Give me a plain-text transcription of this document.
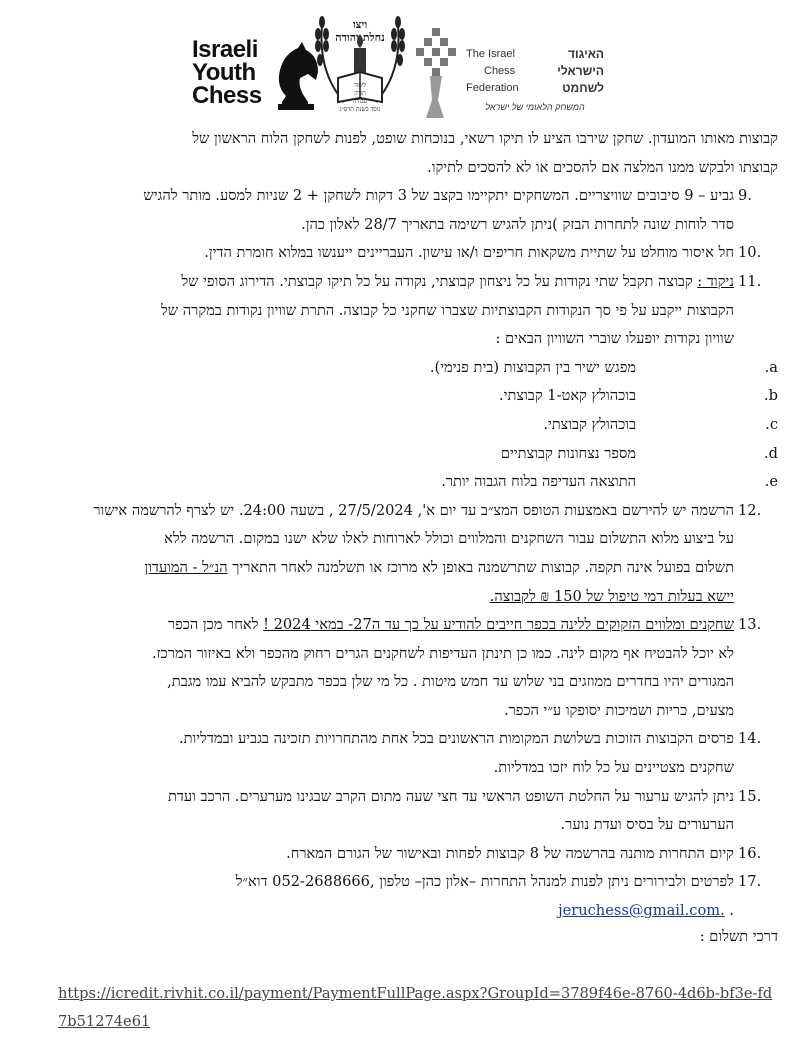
Israeli
Youth
Chess
ויצו
נחלת יהודה
לימוד
תורה
עבודה
נוסד בשנת תרס״ג
The Israel
Chess
Federation
האיגוד
הישראלי
לשחמט
המשחק הלאומי של ישראל
קבוצות מאותו המועדון. שחקן שירבו הציע לו תיקו רשאי, בנוכחות שופט, לפנות לשחקן הלוח הראשון של
קבוצתו ולבקש ממנו המלצה אם להסכים או לא להסכים לתיקו.
9.
גביע – 9 סיבובים שוויצריים. המשחקים יתקיימו בקצב של 3 דקות לשחקן + 2 שניות למסע. מותר להגיש
סדר לוחות שונה לתחרות הבזק )ניתן להגיש רשימה בתאריך 28/7 לאלון כהן.
10.
חל איסור מוחלט על שתיית משקאות חריפים ו/או עישון. העבריינים ייענשו במלוא חומרת הדין.
11.
ניקוד : קבוצה תקבל שתי נקודות על כל ניצחון קבוצתי, נקודה על כל תיקו קבוצתי. הדירוג הסופי של
הקבוצות ייקבע על פי סך הנקודות הקבוצתיות שצברו שחקני כל קבוצה. התרת שוויון נקודות במקרה של
שוויון נקודות יופעלו שוברי השוויון הבאים :
a.
מפגש ישיר בין הקבוצות (בית פנימי).
b.
בוכהולץ קאט-1 קבוצתי.
c.
בוכהולץ קבוצתי.
d.
מספר נצחונות קבוצתיים
e.
התוצאה העדיפה בלוח הגבוה יותר.
12.
הרשמה יש להירשם באמצעות הטופס המצ״ב עד יום א', 27/5/2024 , בשעה 24:00. יש לצרף להרשמה אישור
על ביצוע מלוא התשלום עבור השחקנים והמלווים וכולל לארוחות לאלו שלא ישנו במקום. הרשמה ללא
תשלום בפועל אינה תקפה. קבוצות שתרשמנה באופן לא מרוכז או תשלמנה לאחר התאריך הנ״ל - המועדון
יישא בעלות דמי טיפול של 150 ₪ לקבוצה.
13.
שחקנים ומלווים הזקוקים ללינה בכפר חייבים להודיע על כך עד ה27- במאי 2024 ! לאחר מכן הכפר
לא יוכל להבטיח אף מקום לינה. כמו כן תינתן העדיפות לשחקנים הגרים רחוק מהכפר ולא באיזור המרכז.
המגורים יהיו בחדרים ממוזגים בני שלוש עד חמש מיטות . כל מי שלן בכפר מתבקש להביא עמו מגבת,
מצעים, כריות ושמיכות יסופקו ע״י הכפר.
14.
פרסים הקבוצות הזוכות בשלושת המקומות הראשונים בכל אחת מהתחרויות תזכינה בגביע ובמדליות.
שחקנים מצטיינים על כל לוח יזכו במדליות.
15.
ניתן להגיש ערעור על החלטת השופט הראשי עד חצי שעה מתום הקרב שבגינו מערערים. הרכב ועדת
הערעורים על בסיס ועדת נוער.
16.
קיום התחרות מותנה בהרשמה של 8 קבוצות לפחות ובאישור של הגורם המארח.
17.
לפרטים ולבירורים ניתן לפנות למנהל התחרות –אלון כהן– טלפון ,052-2688666 דוא״ל
. jeruchess@gmail.com.
דרכי תשלום :
https://icredit.rivhit.co.il/payment/PaymentFullPage.aspx?GroupId=3789f46e-8760-4d6b-bf3e-fd7b51274e61
